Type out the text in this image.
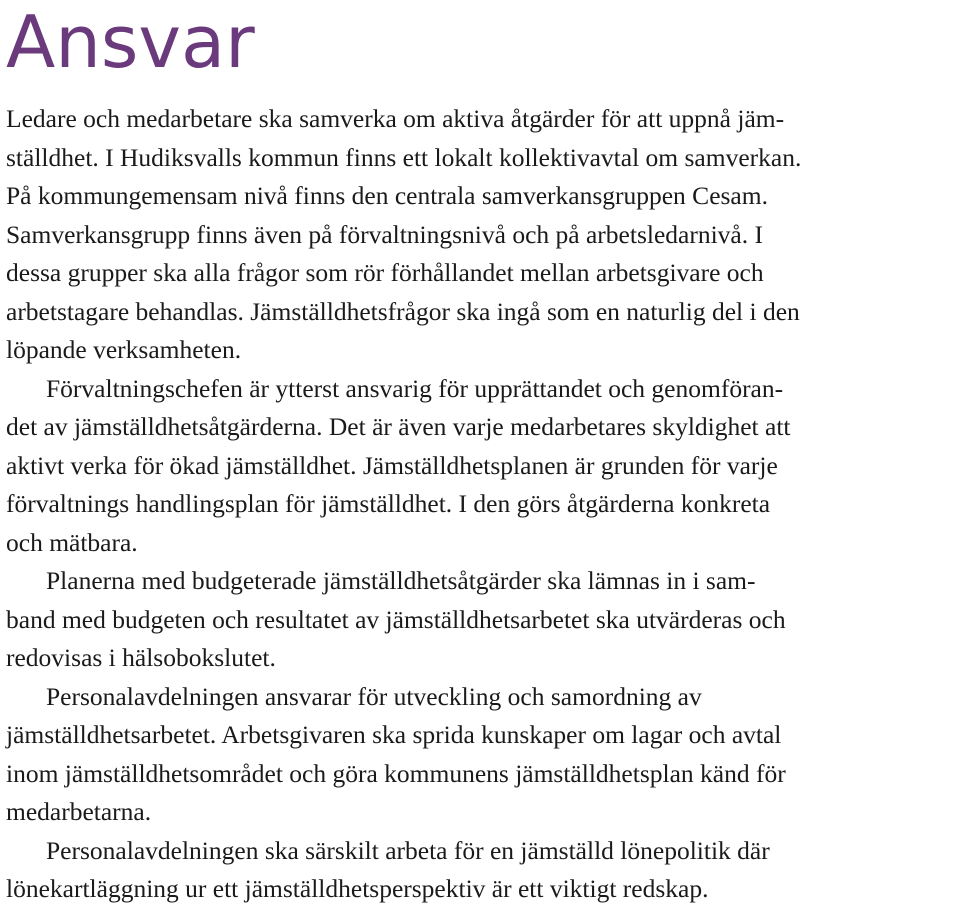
Ansvar
Ledare och medarbetare ska samverka om aktiva åtgärder för att uppnå jäm-
ställdhet. I Hudiksvalls kommun finns ett lokalt kollektivavtal om samverkan.
På kommungemensam nivå finns den centrala samverkansgruppen Cesam.
Samverkansgrupp finns även på förvaltningsnivå och på arbetsledarnivå. I
dessa grupper ska alla frågor som rör förhållandet mellan arbetsgivare och
arbetstagare behandlas. Jämställdhetsfrågor ska ingå som en naturlig del i den
löpande verksamheten.
Förvaltningschefen är ytterst ansvarig för upprättandet och genomföran-
det av jämställdhetsåtgärderna. Det är även varje medarbetares skyldighet att
aktivt verka för ökad jämställdhet. Jämställdhetsplanen är grunden för varje
förvaltnings handlingsplan för jämställdhet. I den görs åtgärderna konkreta
och mätbara.
Planerna med budgeterade jämställdhetsåtgärder ska lämnas in i sam-
band med budgeten och resultatet av jämställdhetsarbetet ska utvärderas och
redovisas i hälsobokslutet.
Personalavdelningen ansvarar för utveckling och samordning av
jämställdhetsarbetet. Arbetsgivaren ska sprida kunskaper om lagar och avtal
inom jämställdhetsområdet och göra kommunens jämställdhetsplan känd för
medarbetarna.
Personalavdelningen ska särskilt arbeta för en jämställd lönepolitik där
lönekartläggning ur ett jämställdhetsperspektiv är ett viktigt redskap.
